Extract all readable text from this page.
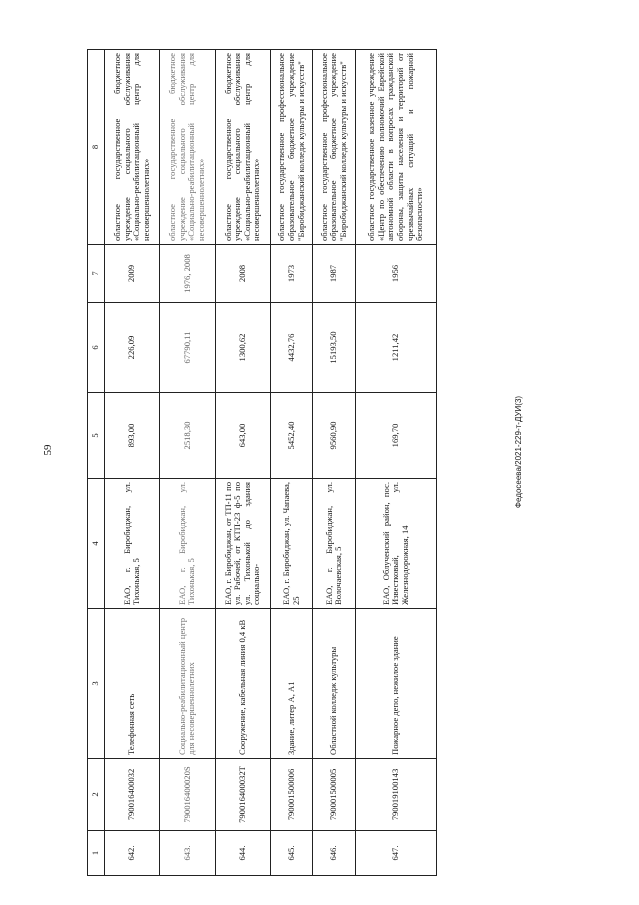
59	Федосеева/2021-229-т-ДУИ(3)
1	2	3	4	5	6	7	8
642.	790016400032	Телефонная сеть	ЕАО, г. Биробиджан, ул. Тихонькая, 5	893,00	226,09	2009	областное государственное бюджетное учреждение социального обслуживания «Социально-реабилитационный центр для несовершеннолетних»
643.	790016400020S	Социально-реабилитационный центр для несовершеннолетних	ЕАО, г. Биробиджан, ул. Тихонькая, 5	2518,30	67790,11	1976, 2008	областное государственное бюджетное учреждение социального обслуживания «Социально-реабилитационный центр для несовершеннолетних»
644.	790016400032Т	Сооружение, кабельная линия 0,4 кВ	ЕАО, г. Биробиджан, от ТП-11 по ул. Рабочей, от КТП-23 ф-5 по ул. Тихонькой до здания социально-	643,00	1300,62	2008	областное государственное бюджетное учреждение социального обслуживания «Социально-реабилитационный центр для несовершеннолетних»
645.	790001500006	Здание, литер А, А1	ЕАО, г. Биробиджан, ул. Чапаева, 25	5452,40	4432,76	1973	областное государственное профессиональное образовательное бюджетное учреждение "Биробиджанский колледж культуры и искусств"
646.	790001500005	Областной колледж культуры	ЕАО, г. Биробиджан, ул. Волочаевская, 5	9560,90	15193,50	1987	областное государственное профессиональное образовательное бюджетное учреждение "Биробиджанский колледж культуры и искусств"
647.	790019100143	Пожарное депо, нежилое здание	ЕАО, Облученский район, пос. Известковый, ул. Железнодорожная, 14	169,70	1211,42	1956	областное государственное казенное учреждение «Центр по обеспечению полномочий Еврейской автономной области в вопросах гражданской обороны, защиты населения и территорий от чрезвычайных ситуаций и пожарной безопасности»
